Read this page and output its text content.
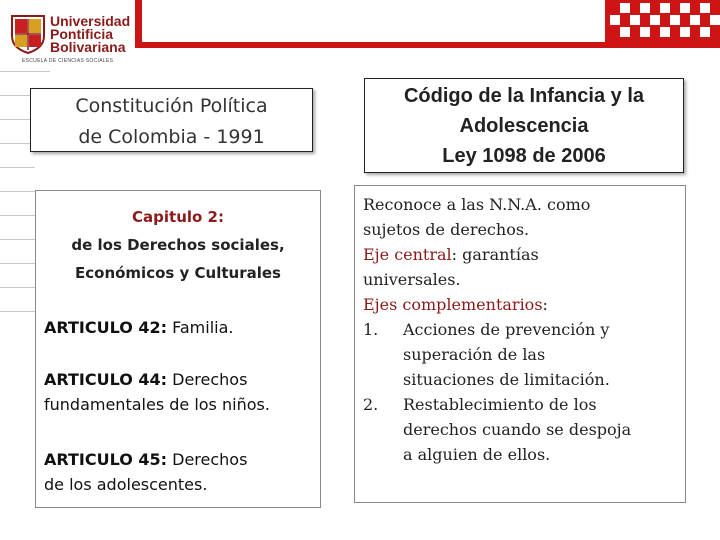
Universidad
Pontificia
Bolivariana
ESCUELA DE CIENCIAS SOCIALES
Constitución Política
de Colombia - 1991
Código de la Infancia y la
Adolescencia
Ley 1098 de 2006
Capitulo 2:
de los Derechos sociales,
Económicos y Culturales
ARTICULO 42: Familia.
ARTICULO 44: Derechos
fundamentales de los niños.
ARTICULO 45: Derechos
de los adolescentes.
Reconoce a las N.N.A. como
sujetos de derechos.
Eje central: garantías
universales.
Ejes complementarios:
1. Acciones de prevención y
superación de las
situaciones de limitación.
2. Restablecimiento de los
derechos cuando se despoja
a alguien de ellos.
